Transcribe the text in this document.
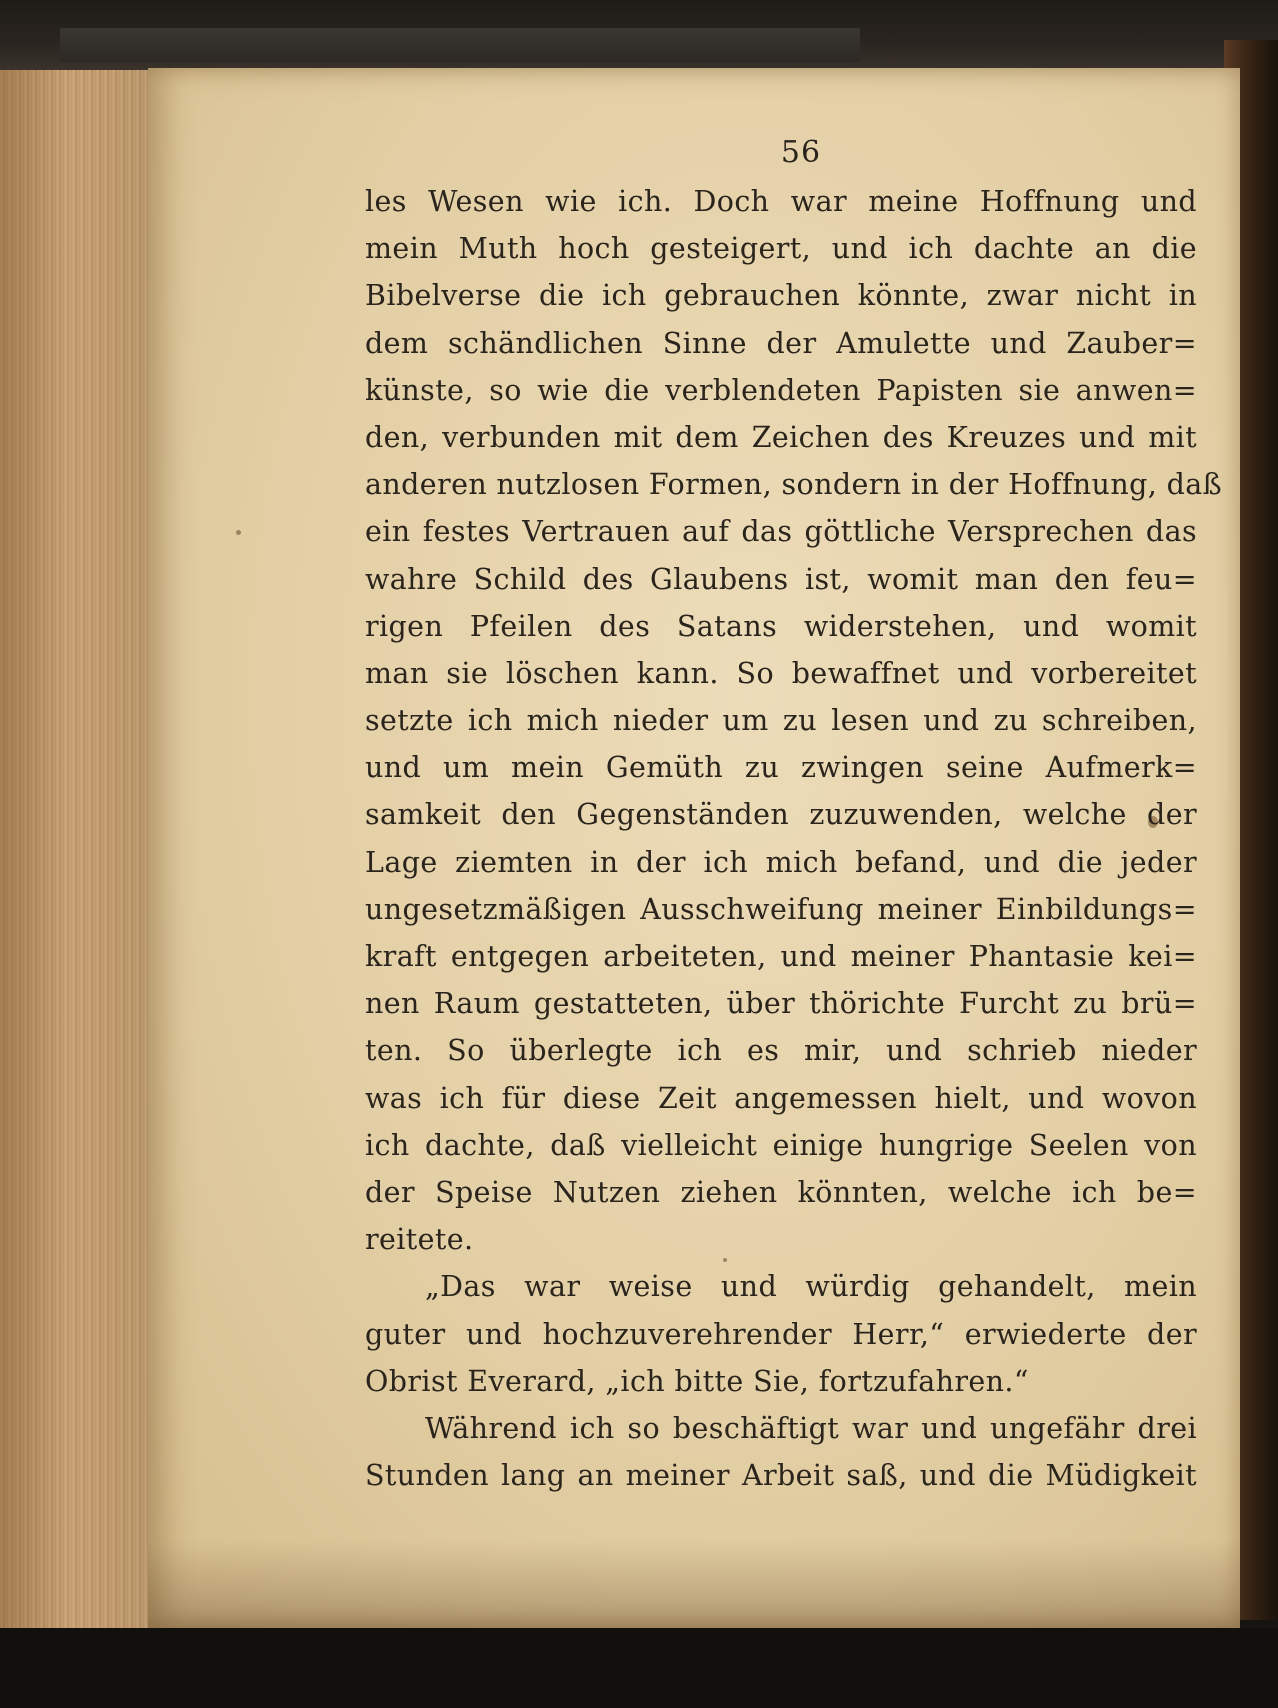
56
les Wesen wie ich. Doch war meine Hoffnung und
mein Muth hoch gesteigert, und ich dachte an die
Bibelverse die ich gebrauchen könnte, zwar nicht in
dem schändlichen Sinne der Amulette und Zauber=
künste, so wie die verblendeten Papisten sie anwen=
den, verbunden mit dem Zeichen des Kreuzes und mit
anderen nutzlosen Formen, sondern in der Hoffnung, daß
ein festes Vertrauen auf das göttliche Versprechen das
wahre Schild des Glaubens ist, womit man den feu=
rigen Pfeilen des Satans widerstehen, und womit
man sie löschen kann. So bewaffnet und vorbereitet
setzte ich mich nieder um zu lesen und zu schreiben,
und um mein Gemüth zu zwingen seine Aufmerk=
samkeit den Gegenständen zuzuwenden, welche der
Lage ziemten in der ich mich befand, und die jeder
ungesetzmäßigen Ausschweifung meiner Einbildungs=
kraft entgegen arbeiteten, und meiner Phantasie kei=
nen Raum gestatteten, über thörichte Furcht zu brü=
ten. So überlegte ich es mir, und schrieb nieder
was ich für diese Zeit angemessen hielt, und wovon
ich dachte, daß vielleicht einige hungrige Seelen von
der Speise Nutzen ziehen könnten, welche ich be=
reitete.
„Das war weise und würdig gehandelt, mein
guter und hochzuverehrender Herr,“ erwiederte der
Obrist Everard, „ich bitte Sie, fortzufahren.“
Während ich so beschäftigt war und ungefähr drei
Stunden lang an meiner Arbeit saß, und die Müdigkeit
